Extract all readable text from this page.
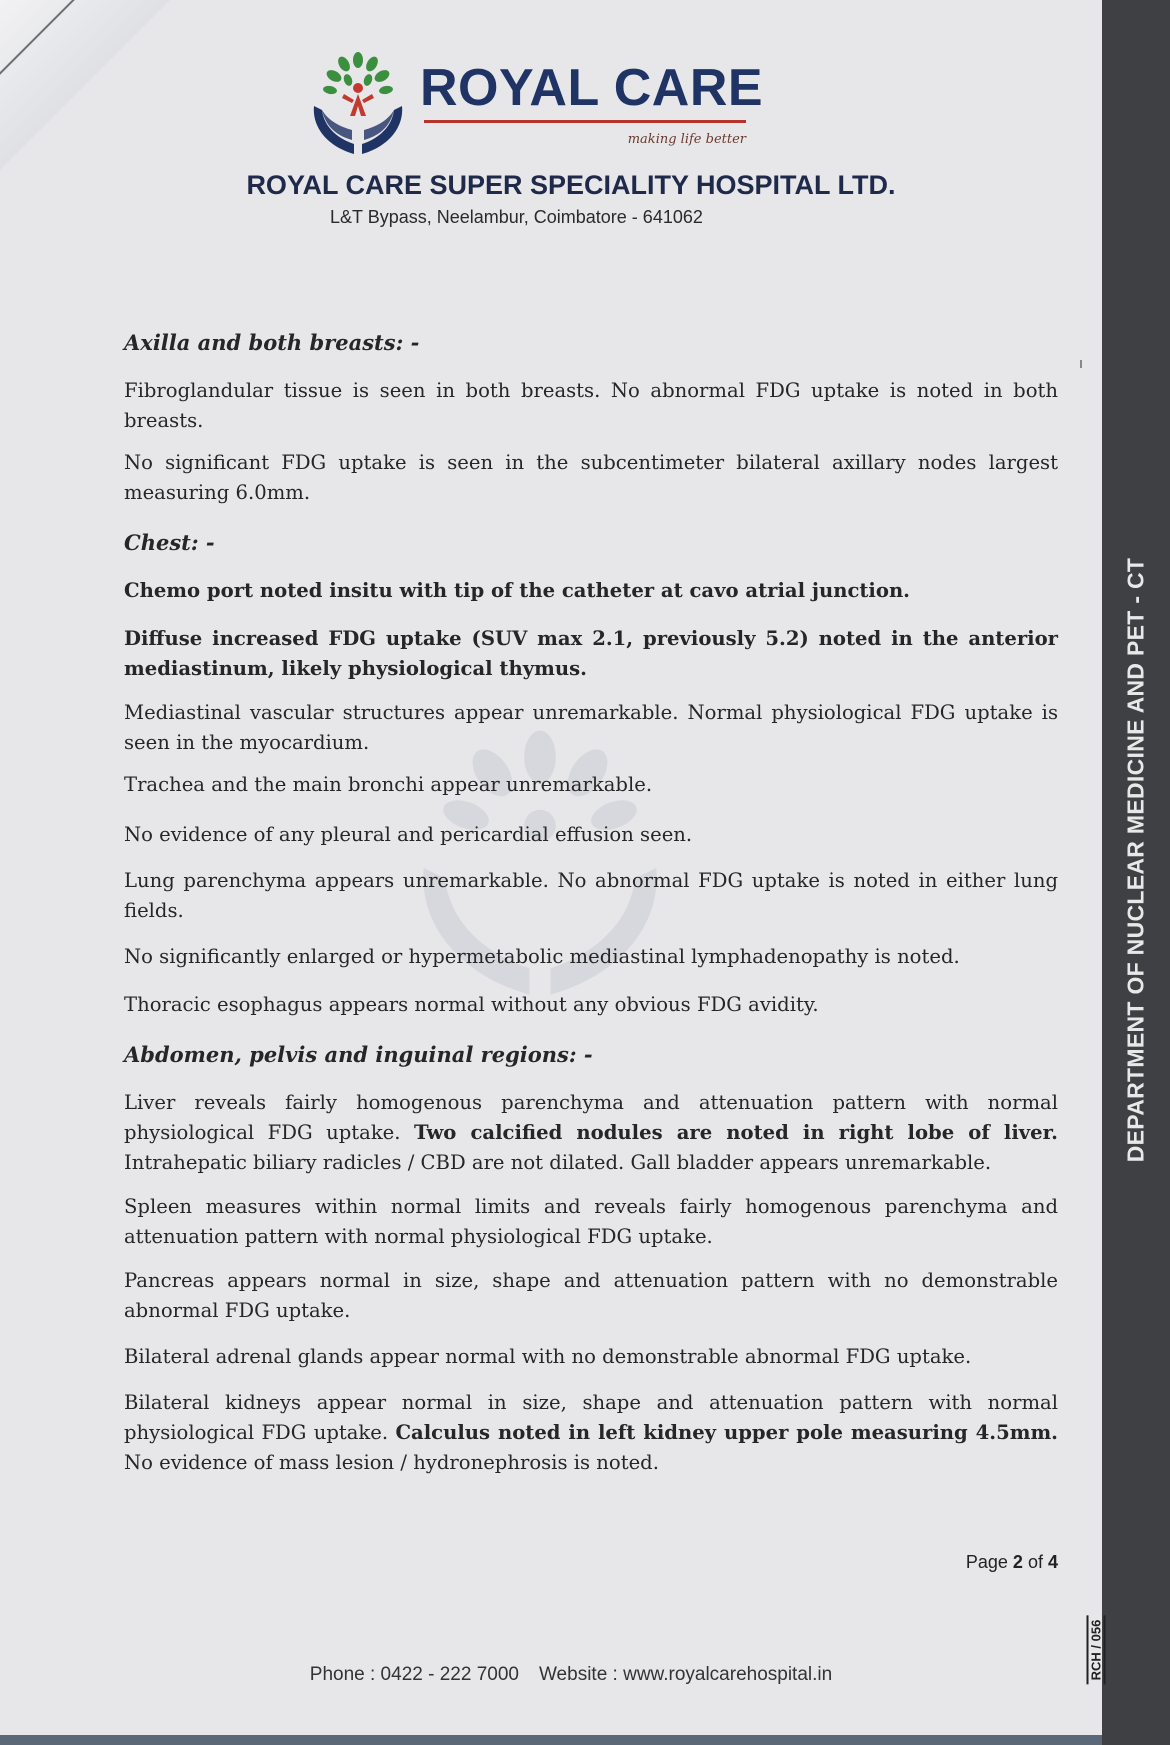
ROYAL CARE
making life better
ROYAL CARE SUPER SPECIALITY HOSPITAL LTD.
L&T Bypass, Neelambur, Coimbatore - 641062
Axilla and both breasts: -
Fibroglandular tissue is seen in both breasts. No abnormal FDG uptake is noted in both breasts.
No significant FDG uptake is seen in the subcentimeter bilateral axillary nodes largest measuring 6.0mm.
Chest: -
Chemo port noted insitu with tip of the catheter at cavo atrial junction.
Diffuse increased FDG uptake (SUV max 2.1, previously 5.2) noted in the anterior mediastinum, likely physiological thymus.
Mediastinal vascular structures appear unremarkable. Normal physiological FDG uptake is seen in the myocardium.
Trachea and the main bronchi appear unremarkable.
No evidence of any pleural and pericardial effusion seen.
Lung parenchyma appears unremarkable. No abnormal FDG uptake is noted in either lung fields.
No significantly enlarged or hypermetabolic mediastinal lymphadenopathy is noted.
Thoracic esophagus appears normal without any obvious FDG avidity.
Abdomen, pelvis and inguinal regions: -
Liver reveals fairly homogenous parenchyma and attenuation pattern with normal physiological FDG uptake. Two calcified nodules are noted in right lobe of liver. Intrahepatic biliary radicles / CBD are not dilated. Gall bladder appears unremarkable.
Spleen measures within normal limits and reveals fairly homogenous parenchyma and attenuation pattern with normal physiological FDG uptake.
Pancreas appears normal in size, shape and attenuation pattern with no demonstrable abnormal FDG uptake.
Bilateral adrenal glands appear normal with no demonstrable abnormal FDG uptake.
Bilateral kidneys appear normal in size, shape and attenuation pattern with normal physiological FDG uptake. Calculus noted in left kidney upper pole measuring 4.5mm. No evidence of mass lesion / hydronephrosis is noted.
Page 2 of 4
Phone : 0422 - 222 7000 Website : www.royalcarehospital.in
DEPARTMENT OF NUCLEAR MEDICINE AND PET - CT
RCH / 056
